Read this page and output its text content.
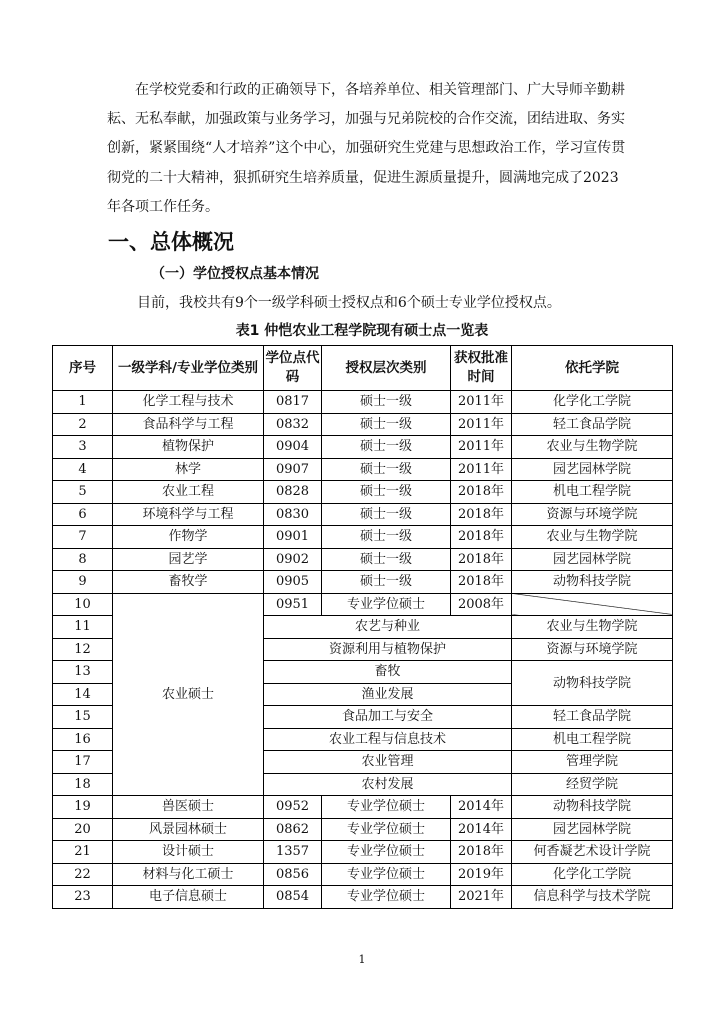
在学校党委和行政的正确领导下，各培养单位、相关管理部门、广大导师辛勤耕耘、无私奉献，加强政策与业务学习，加强与兄弟院校的合作交流，团结进取、务实创新，紧紧围绕“人才培养”这个中心，加强研究生党建与思想政治工作，学习宣传贯彻党的二十大精神，狠抓研究生培养质量，促进生源质量提升，圆满地完成了2023年各项工作任务。

一、总体概况
（一）学位授权点基本情况

目前，我校共有9个一级学科硕士授权点和6个硕士专业学位授权点。

表1 仲恺农业工程学院现有硕士点一览表

序号	一级学科/专业学位类别	学位点代码	授权层次类别	获权批准时间	依托学院
1	化学工程与技术	0817	硕士一级	2011年	化学化工学院
2	食品科学与工程	0832	硕士一级	2011年	轻工食品学院
3	植物保护	0904	硕士一级	2011年	农业与生物学院
4	林学	0907	硕士一级	2011年	园艺园林学院
5	农业工程	0828	硕士一级	2018年	机电工程学院
6	环境科学与工程	0830	硕士一级	2018年	资源与环境学院
7	作物学	0901	硕士一级	2018年	农业与生物学院
8	园艺学	0902	硕士一级	2018年	园艺园林学院
9	畜牧学	0905	硕士一级	2018年	动物科技学院
10	农业硕士	0951	专业学位硕士	2008年	
11		农艺与种业			农业与生物学院
12		资源利用与植物保护			资源与环境学院
13		畜牧			动物科技学院
14		渔业发展			
15		食品加工与安全			轻工食品学院
16		农业工程与信息技术			机电工程学院
17		农业管理			管理学院
18		农村发展			经贸学院
19	兽医硕士	0952	专业学位硕士	2014年	动物科技学院
20	风景园林硕士	0862	专业学位硕士	2014年	园艺园林学院
21	设计硕士	1357	专业学位硕士	2018年	何香凝艺术设计学院
22	材料与化工硕士	0856	专业学位硕士	2019年	化学化工学院
23	电子信息硕士	0854	专业学位硕士	2021年	信息科学与技术学院

1
